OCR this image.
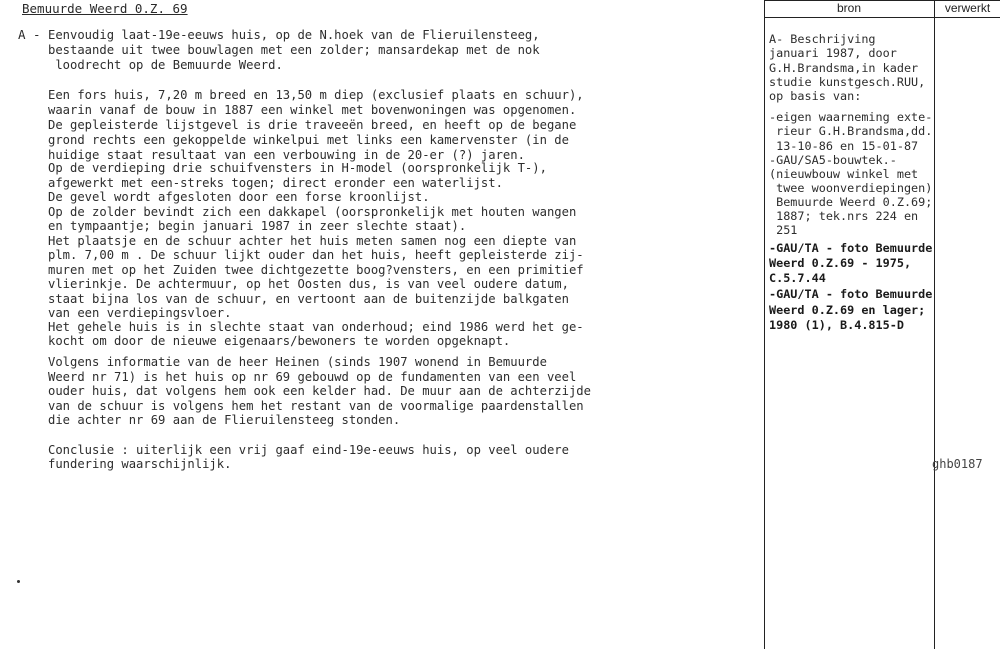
Bemuurde Weerd 0.Z. 69
A - Eenvoudig laat-19e-eeuws huis, op de N.hoek van de Flieruilensteeg,
bestaande uit twee bouwlagen met een zolder; mansardekap met de nok
loodrecht op de Bemuurde Weerd.
Een fors huis, 7,20 m breed en 13,50 m diep (exclusief plaats en schuur),
waarin vanaf de bouw in 1887 een winkel met bovenwoningen was opgenomen.
De gepleisterde lijstgevel is drie traveeën breed, en heeft op de begane
grond rechts een gekoppelde winkelpui met links een kamervenster (in de
huidige staat resultaat van een verbouwing in de 20-er (?) jaren.
Op de verdieping drie schuifvensters in H-model (oorspronkelijk T-),
afgewerkt met een-streks togen; direct eronder een waterlijst.
De gevel wordt afgesloten door een forse kroonlijst.
Op de zolder bevindt zich een dakkapel (oorspronkelijk met houten wangen
en tympaantje; begin januari 1987 in zeer slechte staat).
Het plaatsje en de schuur achter het huis meten samen nog een diepte van
plm. 7,00 m . De schuur lijkt ouder dan het huis, heeft gepleisterde zij-
muren met op het Zuiden twee dichtgezette boog?vensters, en een primitief
vlierinkje. De achtermuur, op het Oosten dus, is van veel oudere datum,
staat bijna los van de schuur, en vertoont aan de buitenzijde balkgaten
van een verdiepingsvloer.
Het gehele huis is in slechte staat van onderhoud; eind 1986 werd het ge-
kocht om door de nieuwe eigenaars/bewoners te worden opgeknapt.
Volgens informatie van de heer Heinen (sinds 1907 wonend in Bemuurde
Weerd nr 71) is het huis op nr 69 gebouwd op de fundamenten van een veel
ouder huis, dat volgens hem ook een kelder had. De muur aan de achterzijde
van de schuur is volgens hem het restant van de voormalige paardenstallen
die achter nr 69 aan de Flieruilensteeg stonden.
Conclusie : uiterlijk een vrij gaaf eind-19e-eeuws huis, op veel oudere
fundering waarschijnlijk.
bron	verwerkt
A- Beschrijving
januari 1987, door
G.H.Brandsma,in kader
studie kunstgesch.RUU,
op basis van:
-eigen waarneming exte-
rieur G.H.Brandsma,dd.
13-10-86 en 15-01-87
-GAU/SA5-bouwtek.-
(nieuwbouw winkel met
twee woonverdiepingen)
Bemuurde Weerd 0.Z.69;
1887; tek.nrs 224 en
251
-GAU/TA - foto Bemuurde
Weerd 0.Z.69 - 1975,
C.5.7.44
-GAU/TA - foto Bemuurde
Weerd 0.Z.69 en lager;
1980 (1), B.4.815-D
ghb0187
